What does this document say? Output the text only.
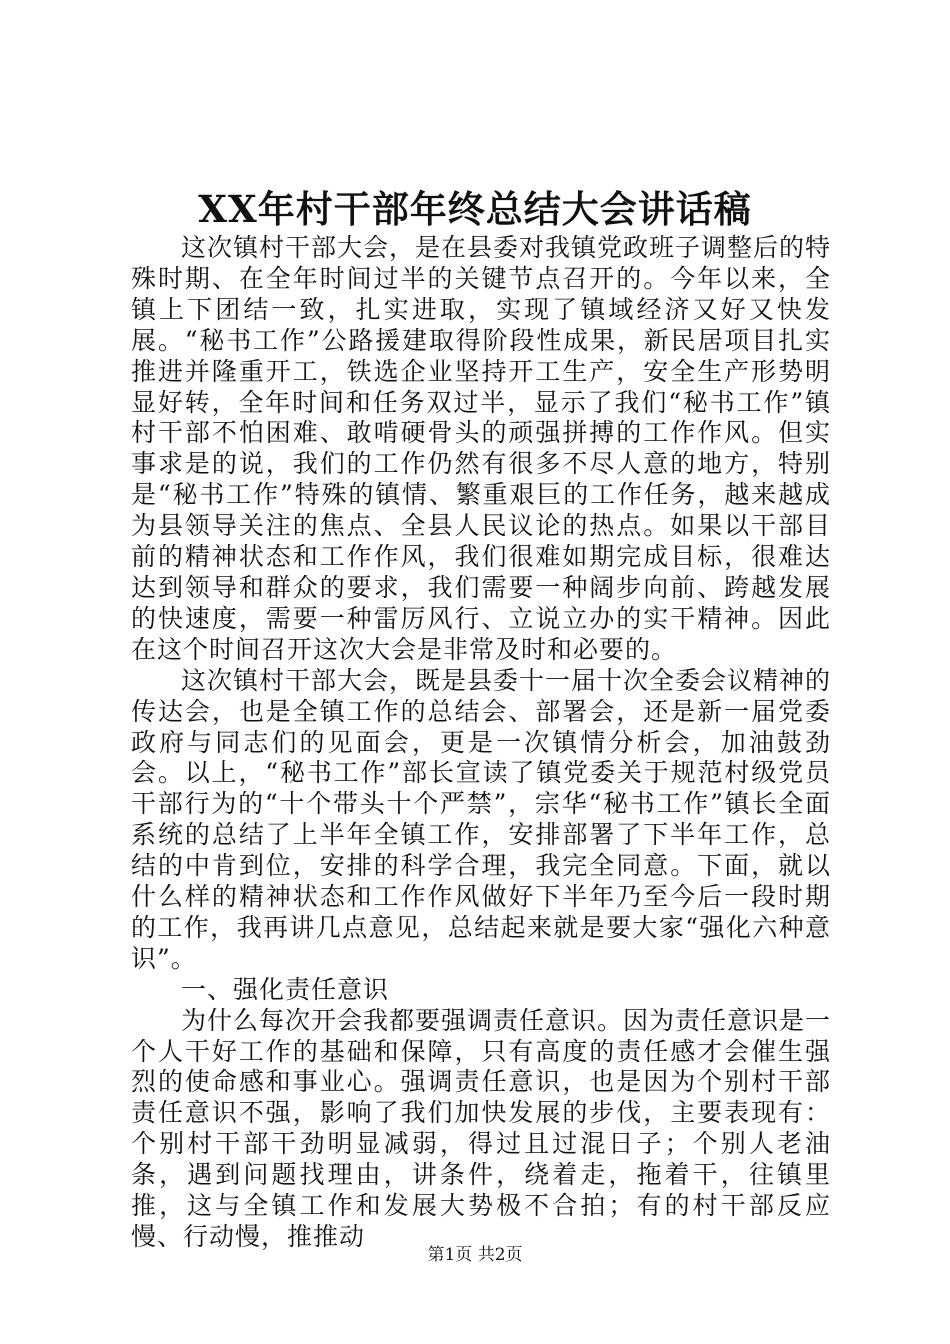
XX年村干部年终总结大会讲话稿

这次镇村干部大会，是在县委对我镇党政班子调整后的特殊时期、在全年时间过半的关键节点召开的。今年以来，全镇上下团结一致，扎实进取，实现了镇域经济又好又快发展。“秘书工作”公路援建取得阶段性成果，新民居项目扎实推进并隆重开工，铁选企业坚持开工生产，安全生产形势明显好转，全年时间和任务双过半，显示了我们“秘书工作”镇村干部不怕困难、敢啃硬骨头的顽强拼搏的工作作风。但实事求是的说，我们的工作仍然有很多不尽人意的地方，特别是“秘书工作”特殊的镇情、繁重艰巨的工作任务，越来越成为县领导关注的焦点、全县人民议论的热点。如果以干部目前的精神状态和工作作风，我们很难如期完成目标，很难达达到领导和群众的要求，我们需要一种阔步向前、跨越发展的快速度，需要一种雷厉风行、立说立办的实干精神。因此在这个时间召开这次大会是非常及时和必要的。

这次镇村干部大会，既是县委十一届十次全委会议精神的传达会，也是全镇工作的总结会、部署会，还是新一届党委政府与同志们的见面会，更是一次镇情分析会，加油鼓劲会。以上，“秘书工作”部长宣读了镇党委关于规范村级党员干部行为的“十个带头十个严禁”，宗华“秘书工作”镇长全面系统的总结了上半年全镇工作，安排部署了下半年工作，总结的中肯到位，安排的科学合理，我完全同意。下面，就以什么样的精神状态和工作作风做好下半年乃至今后一段时期的工作，我再讲几点意见，总结起来就是要大家“强化六种意识”。

一、强化责任意识

为什么每次开会我都要强调责任意识。因为责任意识是一个人干好工作的基础和保障，只有高度的责任感才会催生强烈的使命感和事业心。强调责任意识，也是因为个别村干部责任意识不强，影响了我们加快发展的步伐，主要表现有：个别村干部干劲明显减弱，得过且过混日子；个别人老油条，遇到问题找理由，讲条件，绕着走，拖着干，往镇里推，这与全镇工作和发展大势极不合拍；有的村干部反应慢、行动慢，推推动

第1页 共2页
